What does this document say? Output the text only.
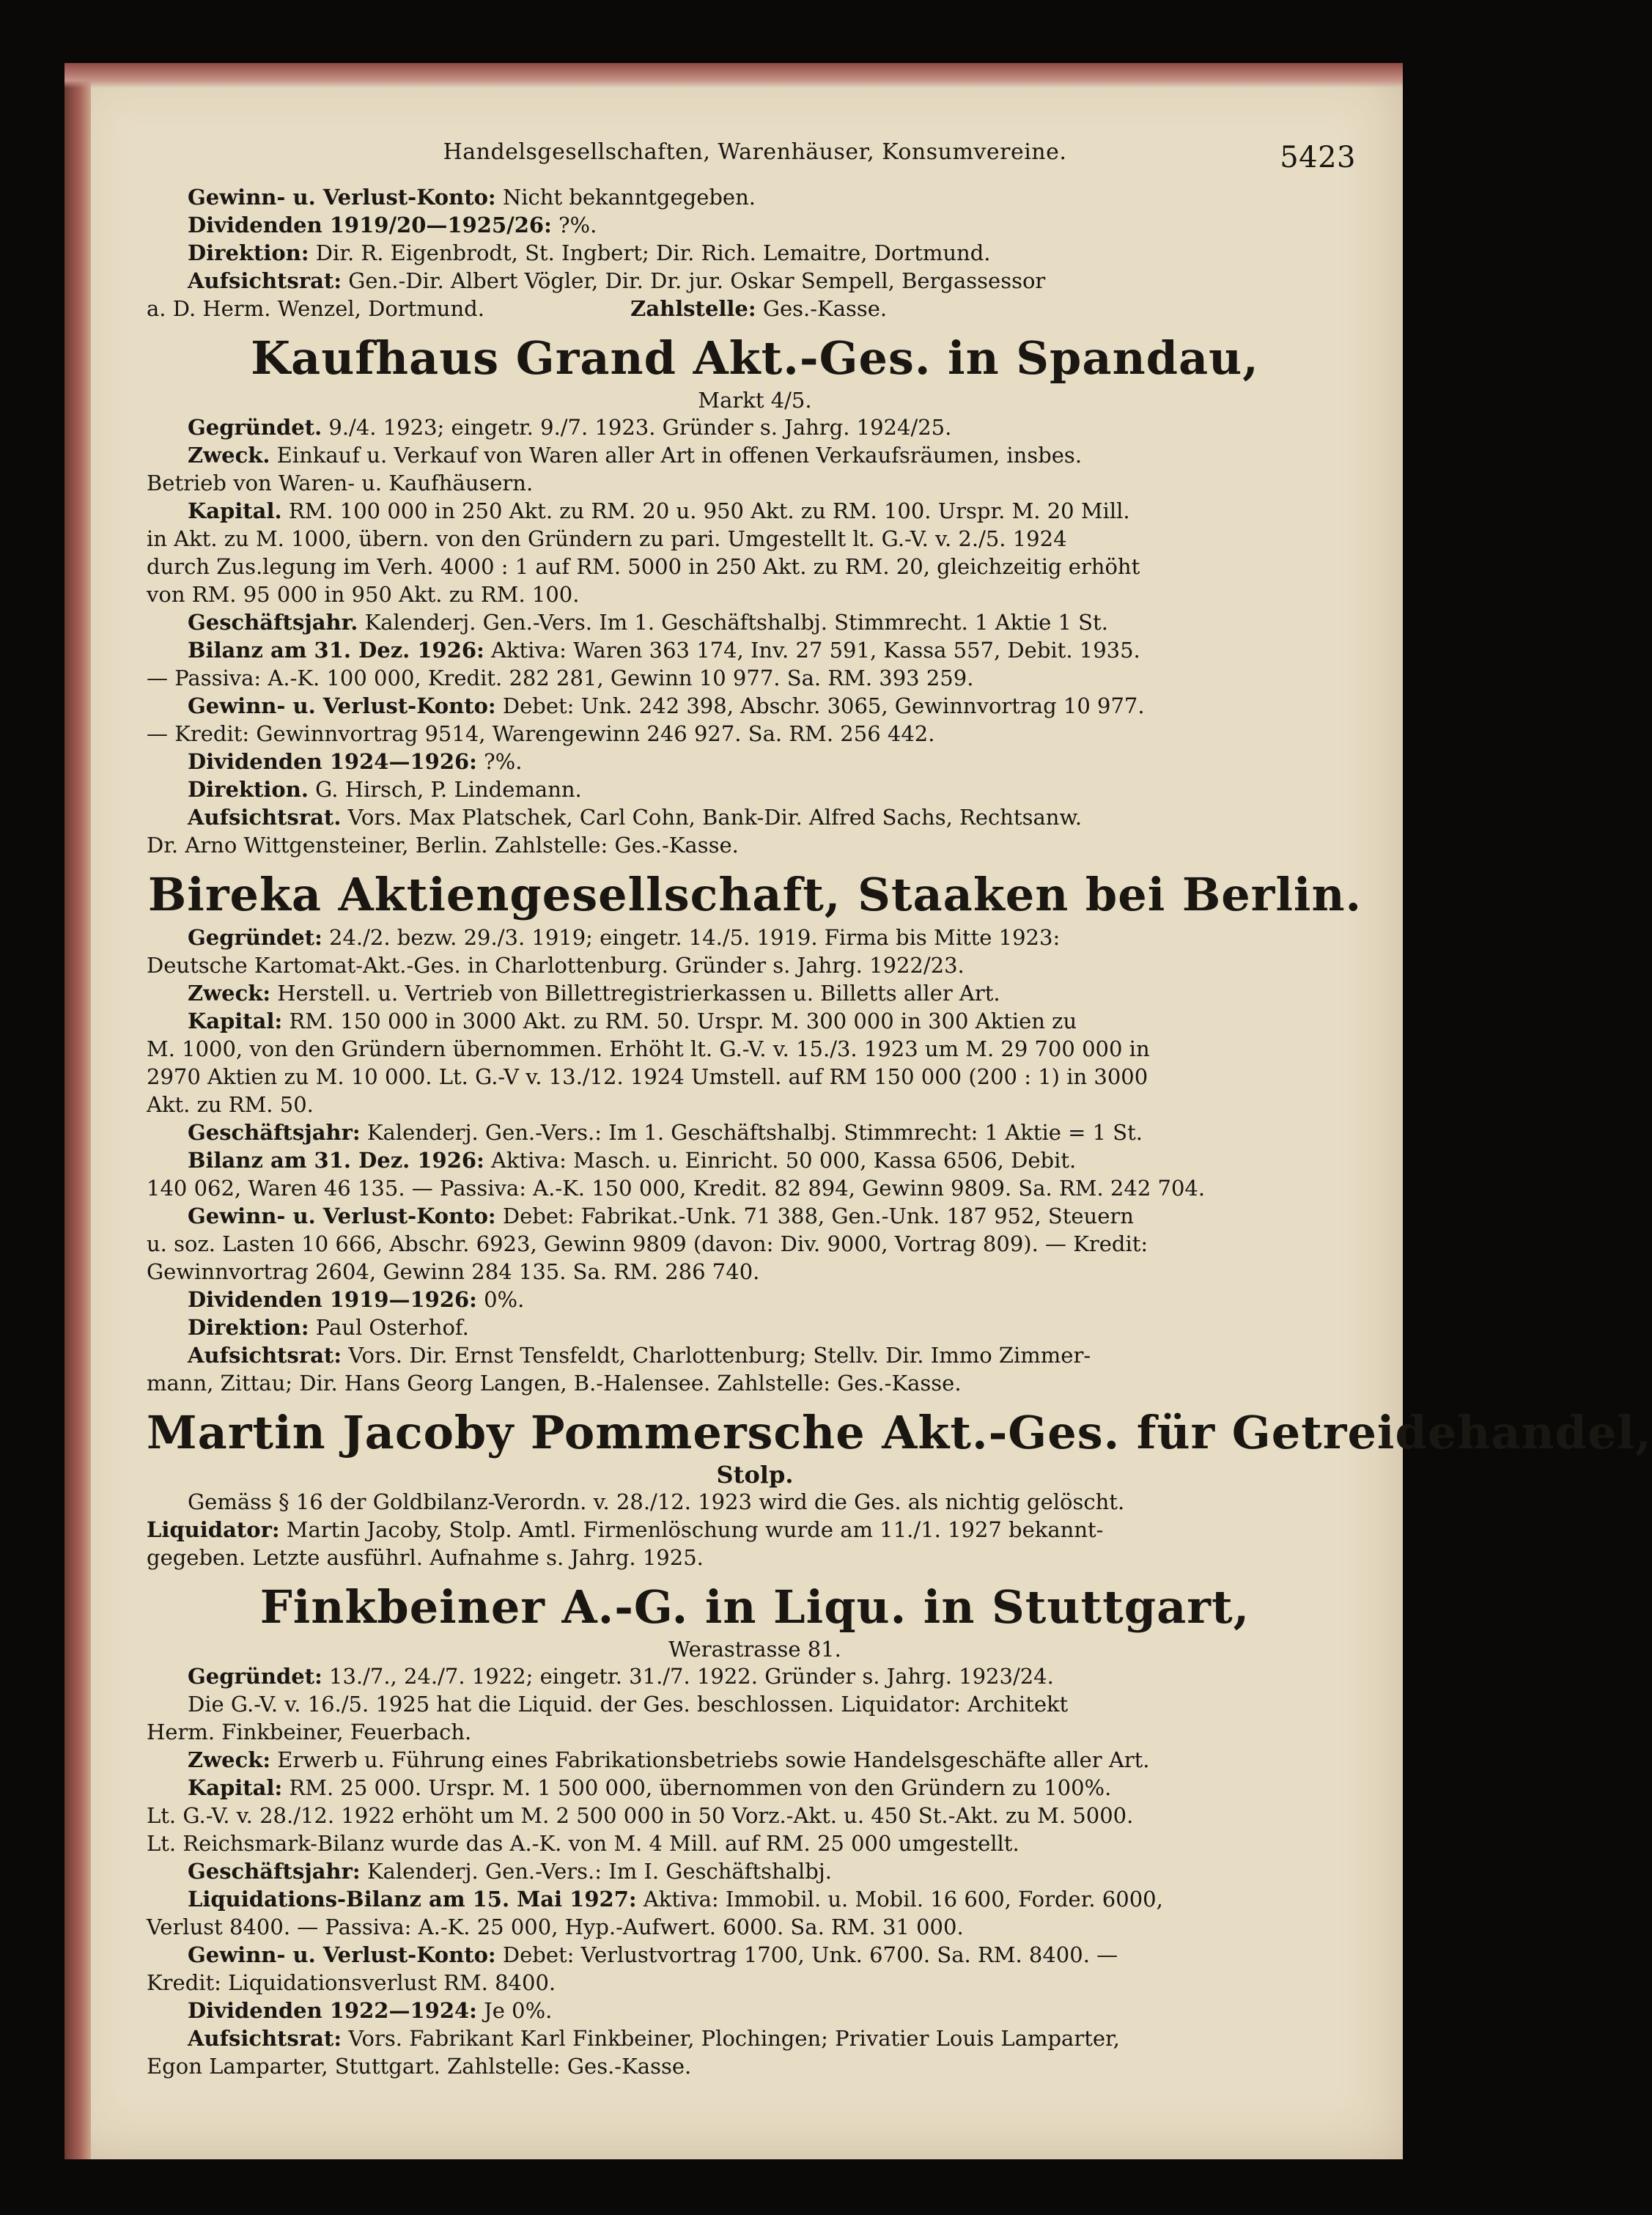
Handelsgesellschaften, Warenhäuser, Konsumvereine.	5423
Gewinn- u. Verlust-Konto: Nicht bekanntgegeben.
Dividenden 1919/20—1925/26: ?%.
Direktion: Dir. R. Eigenbrodt, St. Ingbert; Dir. Rich. Lemaitre, Dortmund.
Aufsichtsrat: Gen.-Dir. Albert Vögler, Dir. Dr. jur. Oskar Sempell, Bergassessor
a. D. Herm. Wenzel, Dortmund.	Zahlstelle: Ges.-Kasse.
Kaufhaus Grand Akt.-Ges. in Spandau,
Markt 4/5.
Gegründet. 9./4. 1923; eingetr. 9./7. 1923. Gründer s. Jahrg. 1924/25.
Zweck. Einkauf u. Verkauf von Waren aller Art in offenen Verkaufsräumen, insbes.
Betrieb von Waren- u. Kaufhäusern.
Kapital. RM. 100 000 in 250 Akt. zu RM. 20 u. 950 Akt. zu RM. 100. Urspr. M. 20 Mill.
in Akt. zu M. 1000, übern. von den Gründern zu pari. Umgestellt lt. G.-V. v. 2./5. 1924
durch Zus.legung im Verh. 4000 : 1 auf RM. 5000 in 250 Akt. zu RM. 20, gleichzeitig erhöht
von RM. 95 000 in 950 Akt. zu RM. 100.
Geschäftsjahr. Kalenderj. Gen.-Vers. Im 1. Geschäftshalbj. Stimmrecht. 1 Aktie 1 St.
Bilanz am 31. Dez. 1926: Aktiva: Waren 363 174, Inv. 27 591, Kassa 557, Debit. 1935.
— Passiva: A.-K. 100 000, Kredit. 282 281, Gewinn 10 977. Sa. RM. 393 259.
Gewinn- u. Verlust-Konto: Debet: Unk. 242 398, Abschr. 3065, Gewinnvortrag 10 977.
— Kredit: Gewinnvortrag 9514, Warengewinn 246 927. Sa. RM. 256 442.
Dividenden 1924—1926: ?%.
Direktion. G. Hirsch, P. Lindemann.
Aufsichtsrat. Vors. Max Platschek, Carl Cohn, Bank-Dir. Alfred Sachs, Rechtsanw.
Dr. Arno Wittgensteiner, Berlin. Zahlstelle: Ges.-Kasse.
Bireka Aktiengesellschaft, Staaken bei Berlin.
Gegründet: 24./2. bezw. 29./3. 1919; eingetr. 14./5. 1919. Firma bis Mitte 1923:
Deutsche Kartomat-Akt.-Ges. in Charlottenburg. Gründer s. Jahrg. 1922/23.
Zweck: Herstell. u. Vertrieb von Billettregistrierkassen u. Billetts aller Art.
Kapital: RM. 150 000 in 3000 Akt. zu RM. 50. Urspr. M. 300 000 in 300 Aktien zu
M. 1000, von den Gründern übernommen. Erhöht lt. G.-V. v. 15./3. 1923 um M. 29 700 000 in
2970 Aktien zu M. 10 000. Lt. G.-V v. 13./12. 1924 Umstell. auf RM 150 000 (200 : 1) in 3000
Akt. zu RM. 50.
Geschäftsjahr: Kalenderj. Gen.-Vers.: Im 1. Geschäftshalbj. Stimmrecht: 1 Aktie = 1 St.
Bilanz am 31. Dez. 1926: Aktiva: Masch. u. Einricht. 50 000, Kassa 6506, Debit.
140 062, Waren 46 135. — Passiva: A.-K. 150 000, Kredit. 82 894, Gewinn 9809. Sa. RM. 242 704.
Gewinn- u. Verlust-Konto: Debet: Fabrikat.-Unk. 71 388, Gen.-Unk. 187 952, Steuern
u. soz. Lasten 10 666, Abschr. 6923, Gewinn 9809 (davon: Div. 9000, Vortrag 809). — Kredit:
Gewinnvortrag 2604, Gewinn 284 135. Sa. RM. 286 740.
Dividenden 1919—1926: 0%.
Direktion: Paul Osterhof.
Aufsichtsrat: Vors. Dir. Ernst Tensfeldt, Charlottenburg; Stellv. Dir. Immo Zimmer-
mann, Zittau; Dir. Hans Georg Langen, B.-Halensee. Zahlstelle: Ges.-Kasse.
Martin Jacoby Pommersche Akt.-Ges. für Getreidehandel,
Stolp.
Gemäss § 16 der Goldbilanz-Verordn. v. 28./12. 1923 wird die Ges. als nichtig gelöscht.
Liquidator: Martin Jacoby, Stolp. Amtl. Firmenlöschung wurde am 11./1. 1927 bekannt-
gegeben. Letzte ausführl. Aufnahme s. Jahrg. 1925.
Finkbeiner A.-G. in Liqu. in Stuttgart,
Werastrasse 81.
Gegründet: 13./7., 24./7. 1922; eingetr. 31./7. 1922. Gründer s. Jahrg. 1923/24.
Die G.-V. v. 16./5. 1925 hat die Liquid. der Ges. beschlossen. Liquidator: Architekt
Herm. Finkbeiner, Feuerbach.
Zweck: Erwerb u. Führung eines Fabrikationsbetriebs sowie Handelsgeschäfte aller Art.
Kapital: RM. 25 000. Urspr. M. 1 500 000, übernommen von den Gründern zu 100%.
Lt. G.-V. v. 28./12. 1922 erhöht um M. 2 500 000 in 50 Vorz.-Akt. u. 450 St.-Akt. zu M. 5000.
Lt. Reichsmark-Bilanz wurde das A.-K. von M. 4 Mill. auf RM. 25 000 umgestellt.
Geschäftsjahr: Kalenderj. Gen.-Vers.: Im I. Geschäftshalbj.
Liquidations-Bilanz am 15. Mai 1927: Aktiva: Immobil. u. Mobil. 16 600, Forder. 6000,
Verlust 8400. — Passiva: A.-K. 25 000, Hyp.-Aufwert. 6000. Sa. RM. 31 000.
Gewinn- u. Verlust-Konto: Debet: Verlustvortrag 1700, Unk. 6700. Sa. RM. 8400. —
Kredit: Liquidationsverlust RM. 8400.
Dividenden 1922—1924: Je 0%.
Aufsichtsrat: Vors. Fabrikant Karl Finkbeiner, Plochingen; Privatier Louis Lamparter,
Egon Lamparter, Stuttgart. Zahlstelle: Ges.-Kasse.
